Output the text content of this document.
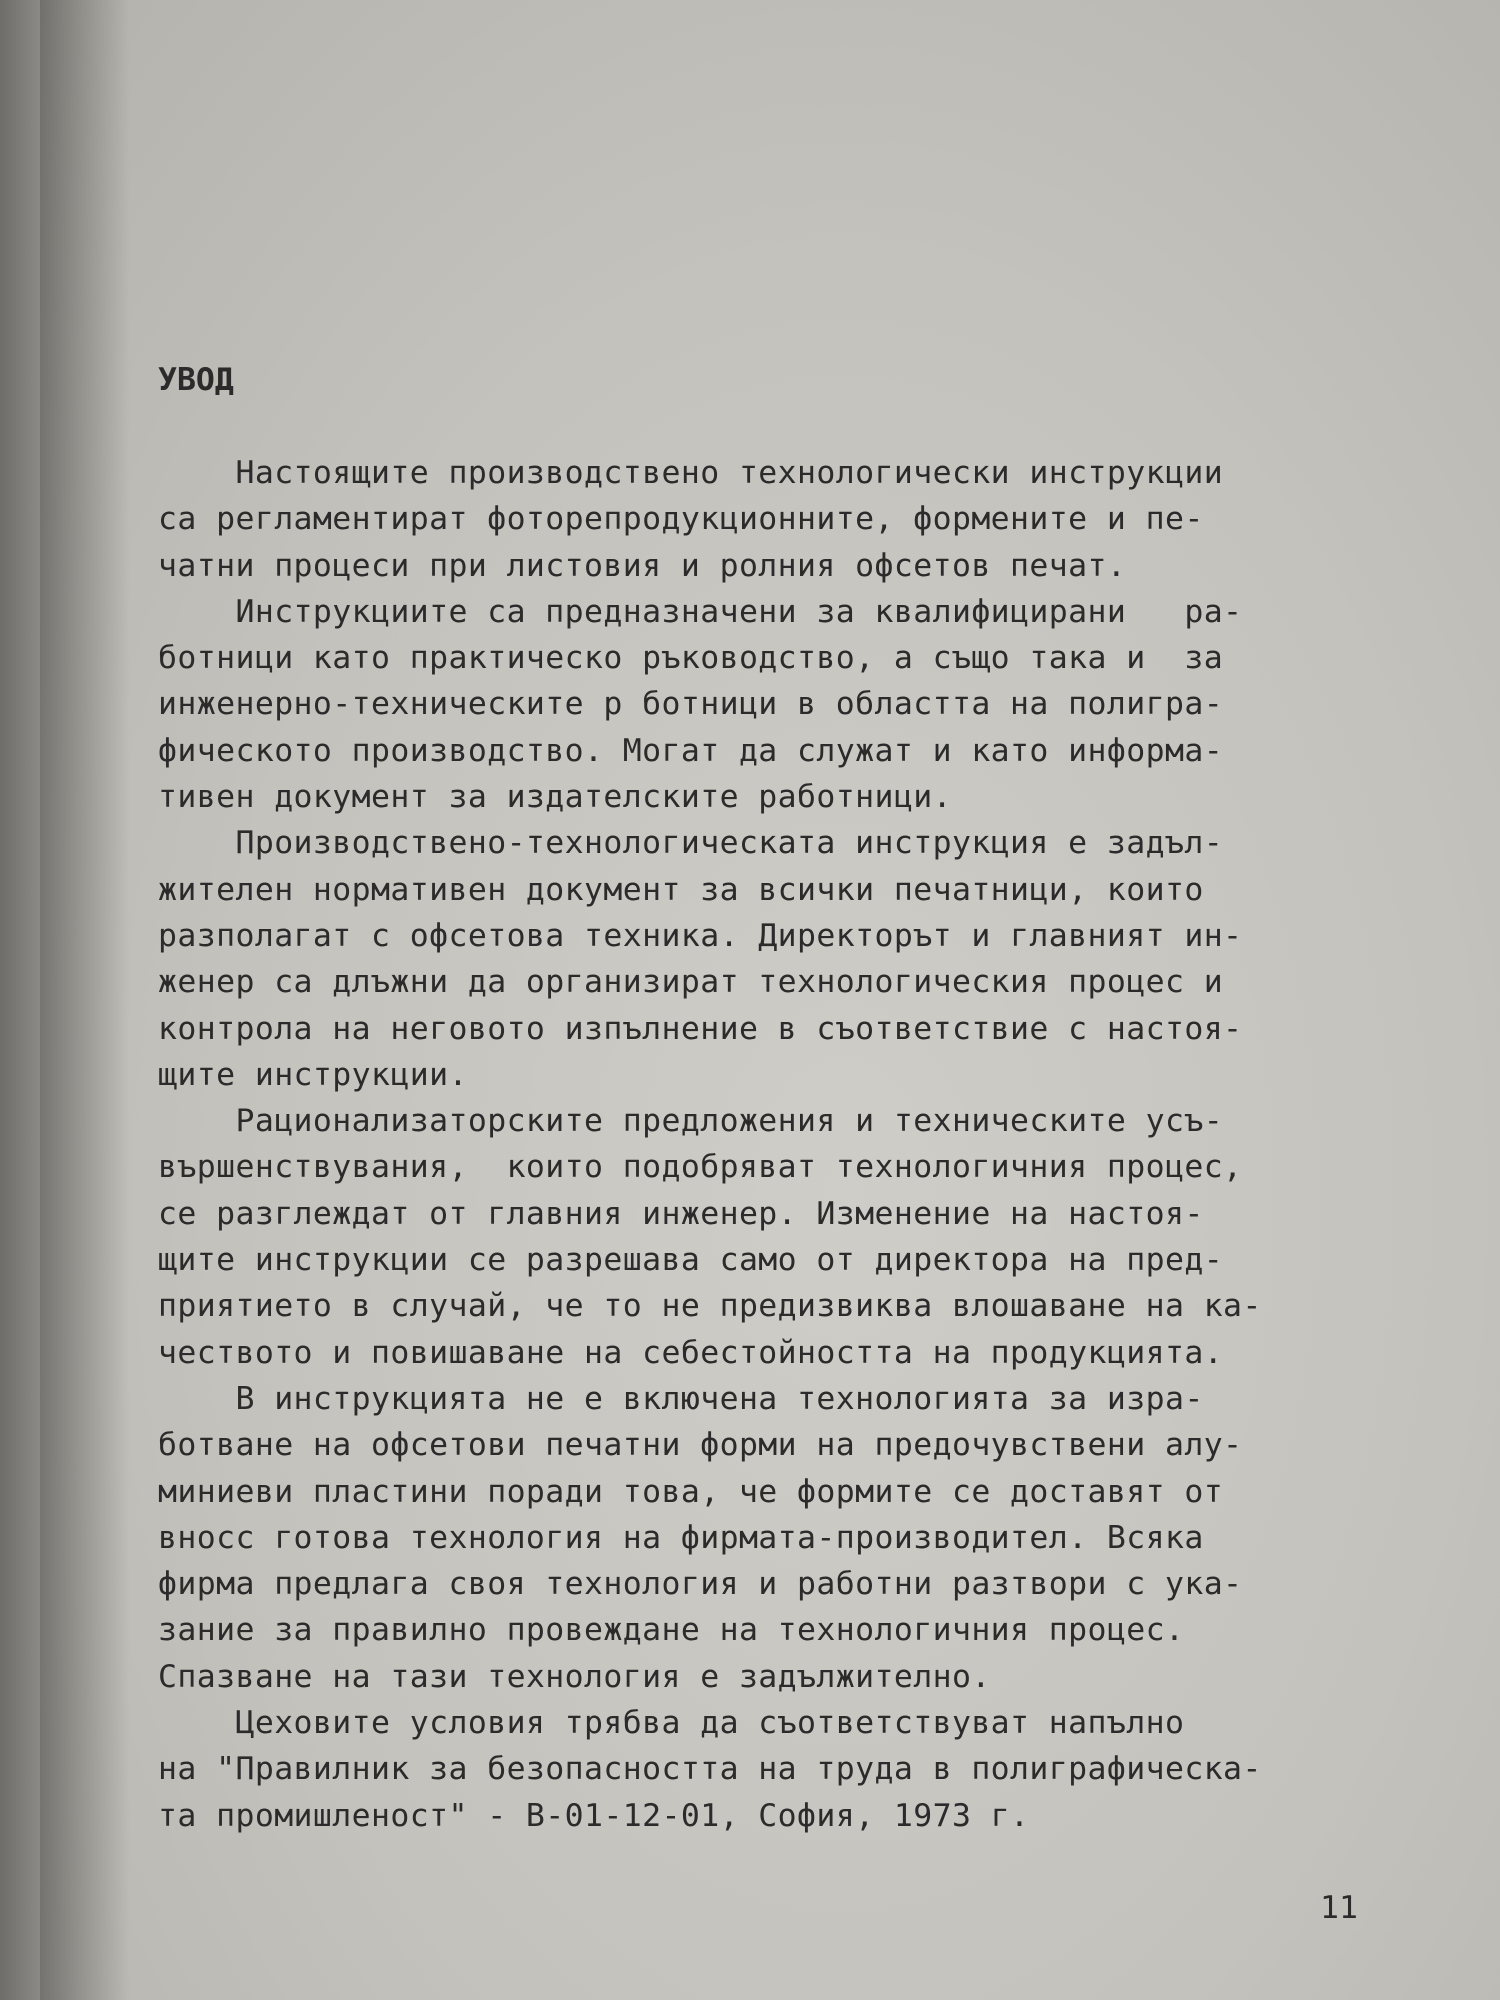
УВОД
Настоящите производствено технологически инструкции
са регламентират фоторепродукционните, формените и пе-
чатни процеси при листовия и ролния офсетов печат.
Инструкциите са предназначени за квалифицирани   ра-
ботници като практическо ръководство, а също така и  за
инженерно-техническите р ботници в областта на полигра-
фическото производство. Могат да служат и като информа-
тивен документ за издателските работници.
Производствено-технологическата инструкция е задъл-
жителен нормативен документ за всички печатници, които
разполагат с офсетова техника. Директорът и главният ин-
женер са длъжни да организират технологическия процес и
контрола на неговото изпълнение в съответствие с настоя-
щите инструкции.
Рационализаторските предложения и техническите усъ-
вършенствувания,  които подобряват технологичния процес,
се разглеждат от главния инженер. Изменение на настоя-
щите инструкции се разрешава само от директора на пред-
приятието в случай, че то не предизвиква влошаване на ка-
чеството и повишаване на себестойността на продукцията.
В инструкцията не е включена технологията за изра-
ботване на офсетови печатни форми на предочувствени алу-
миниеви пластини поради това, че формите се доставят от
вносс готова технология на фирмата-производител. Всяка
фирма предлага своя технология и работни разтвори с ука-
зание за правилно провеждане на технологичния процес.
Спазване на тази технология е задължително.
Цеховите условия трябва да съответствуват напълно
на "Правилник за безопасността на труда в полиграфическа-
та промишленост" - В-01-12-01, София, 1973 г.
11
